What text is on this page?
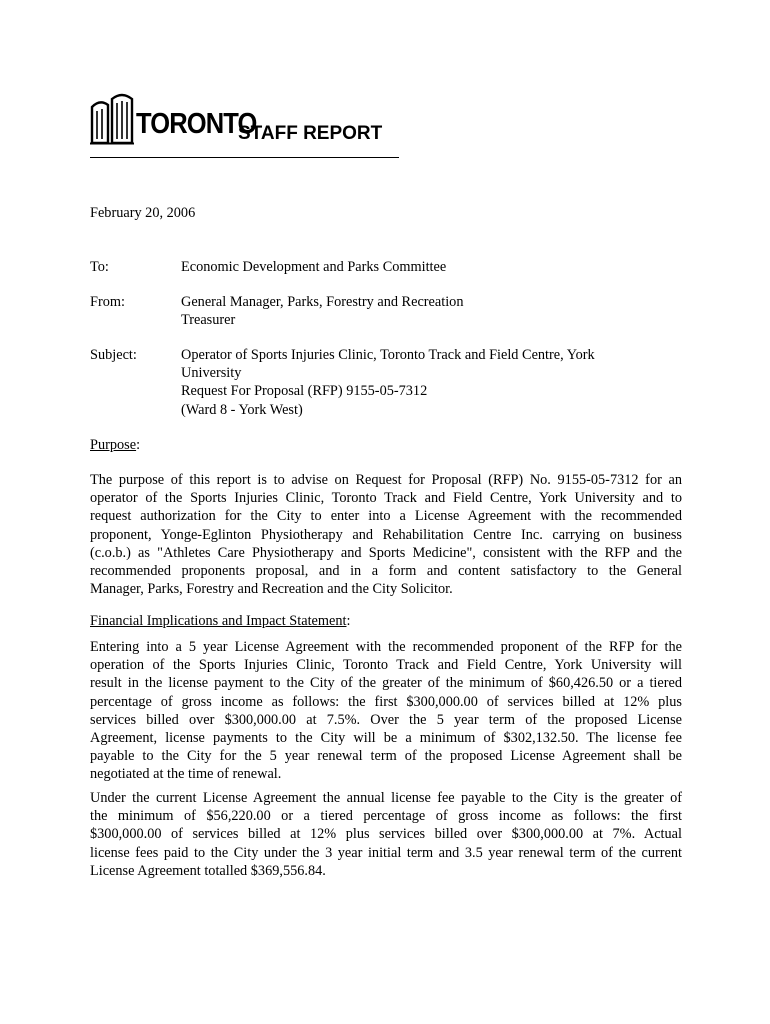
TORONTO
STAFF REPORT
February 20, 2006
To:	Economic Development and Parks Committee
From:	General Manager, Parks, Forestry and Recreation
Treasurer
Subject:	Operator of Sports Injuries Clinic, Toronto Track and Field Centre, York
University
Request For Proposal (RFP) 9155-05-7312
(Ward 8 - York West)
Purpose:
The purpose of this report is to advise on Request for Proposal (RFP) No. 9155-05-7312 for an
operator of the Sports Injuries Clinic, Toronto Track and Field Centre, York University and to
request authorization for the City to enter into a License Agreement with the recommended
proponent, Yonge-Eglinton Physiotherapy and Rehabilitation Centre Inc. carrying on business
(c.o.b.) as "Athletes Care Physiotherapy and Sports Medicine", consistent with the RFP and the
recommended proponents proposal, and in a form and content satisfactory to the General
Manager, Parks, Forestry and Recreation and the City Solicitor.
Financial Implications and Impact Statement:
Entering into a 5 year License Agreement with the recommended proponent of the RFP for the
operation of the Sports Injuries Clinic, Toronto Track and Field Centre, York University will
result in the license payment to the City of the greater of the minimum of $60,426.50 or a tiered
percentage of gross income as follows: the first $300,000.00 of services billed at 12% plus
services billed over $300,000.00 at 7.5%. Over the 5 year term of the proposed License
Agreement, license payments to the City will be a minimum of $302,132.50. The license fee
payable to the City for the 5 year renewal term of the proposed License Agreement shall be
negotiated at the time of renewal.
Under the current License Agreement the annual license fee payable to the City is the greater of
the minimum of $56,220.00 or a tiered percentage of gross income as follows: the first
$300,000.00 of services billed at 12% plus services billed over $300,000.00 at 7%. Actual
license fees paid to the City under the 3 year initial term and 3.5 year renewal term of the current
License Agreement totalled $369,556.84.
